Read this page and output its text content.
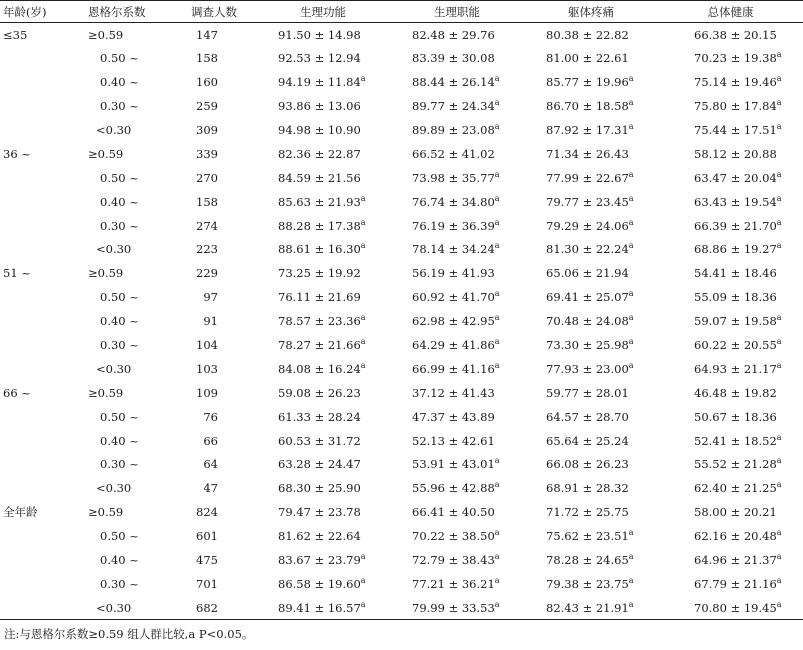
年龄(岁)	恩格尔系数	调查人数	生理功能	生理职能	躯体疼痛	总体健康
≤35	≥0.59	147	91.50 ± 14.98	82.48 ± 29.76	80.38 ± 22.82	66.38 ± 20.15
	0.50 ~	158	92.53 ± 12.94	83.39 ± 30.08	81.00 ± 22.61	70.23 ± 19.38$^a$
	0.40 ~	160	94.19 ± 11.84$^a$	88.44 ± 26.14$^a$	85.77 ± 19.96$^a$	75.14 ± 19.46$^a$
	0.30 ~	259	93.86 ± 13.06	89.77 ± 24.34$^a$	86.70 ± 18.58$^a$	75.80 ± 17.84$^a$
	<0.30	309	94.98 ± 10.90	89.89 ± 23.08$^a$	87.92 ± 17.31$^a$	75.44 ± 17.51$^a$
36 ~	≥0.59	339	82.36 ± 22.87	66.52 ± 41.02	71.34 ± 26.43	58.12 ± 20.88
	0.50 ~	270	84.59 ± 21.56	73.98 ± 35.77$^a$	77.99 ± 22.67$^a$	63.47 ± 20.04$^a$
	0.40 ~	158	85.63 ± 21.93$^a$	76.74 ± 34.80$^a$	79.77 ± 23.45$^a$	63.43 ± 19.54$^a$
	0.30 ~	274	88.28 ± 17.38$^a$	76.19 ± 36.39$^a$	79.29 ± 24.06$^a$	66.39 ± 21.70$^a$
	<0.30	223	88.61 ± 16.30$^a$	78.14 ± 34.24$^a$	81.30 ± 22.24$^a$	68.86 ± 19.27$^a$
51 ~	≥0.59	229	73.25 ± 19.92	56.19 ± 41.93	65.06 ± 21.94	54.41 ± 18.46
	0.50 ~	97	76.11 ± 21.69	60.92 ± 41.70$^a$	69.41 ± 25.07$^a$	55.09 ± 18.36
	0.40 ~	91	78.57 ± 23.36$^a$	62.98 ± 42.95$^a$	70.48 ± 24.08$^a$	59.07 ± 19.58$^a$
	0.30 ~	104	78.27 ± 21.66$^a$	64.29 ± 41.86$^a$	73.30 ± 25.98$^a$	60.22 ± 20.55$^a$
	<0.30	103	84.08 ± 16.24$^a$	66.99 ± 41.16$^a$	77.93 ± 23.00$^a$	64.93 ± 21.17$^a$
66 ~	≥0.59	109	59.08 ± 26.23	37.12 ± 41.43	59.77 ± 28.01	46.48 ± 19.82
	0.50 ~	76	61.33 ± 28.24	47.37 ± 43.89	64.57 ± 28.70	50.67 ± 18.36
	0.40 ~	66	60.53 ± 31.72	52.13 ± 42.61	65.64 ± 25.24	52.41 ± 18.52$^a$
	0.30 ~	64	63.28 ± 24.47	53.91 ± 43.01$^a$	66.08 ± 26.23	55.52 ± 21.28$^a$
	<0.30	47	68.30 ± 25.90	55.96 ± 42.88$^a$	68.91 ± 28.32	62.40 ± 21.25$^a$
全年龄	≥0.59	824	79.47 ± 23.78	66.41 ± 40.50	71.72 ± 25.75	58.00 ± 20.21
	0.50 ~	601	81.62 ± 22.64	70.22 ± 38.50$^a$	75.62 ± 23.51$^a$	62.16 ± 20.48$^a$
	0.40 ~	475	83.67 ± 23.79$^a$	72.79 ± 38.43$^a$	78.28 ± 24.65$^a$	64.96 ± 21.37$^a$
	0.30 ~	701	86.58 ± 19.60$^a$	77.21 ± 36.21$^a$	79.38 ± 23.75$^a$	67.79 ± 21.16$^a$
	<0.30	682	89.41 ± 16.57$^a$	79.99 ± 33.53$^a$	82.43 ± 21.91$^a$	70.80 ± 19.45$^a$
注:与恩格尔系数≥0.59 组人群比较,a P<0.05。
